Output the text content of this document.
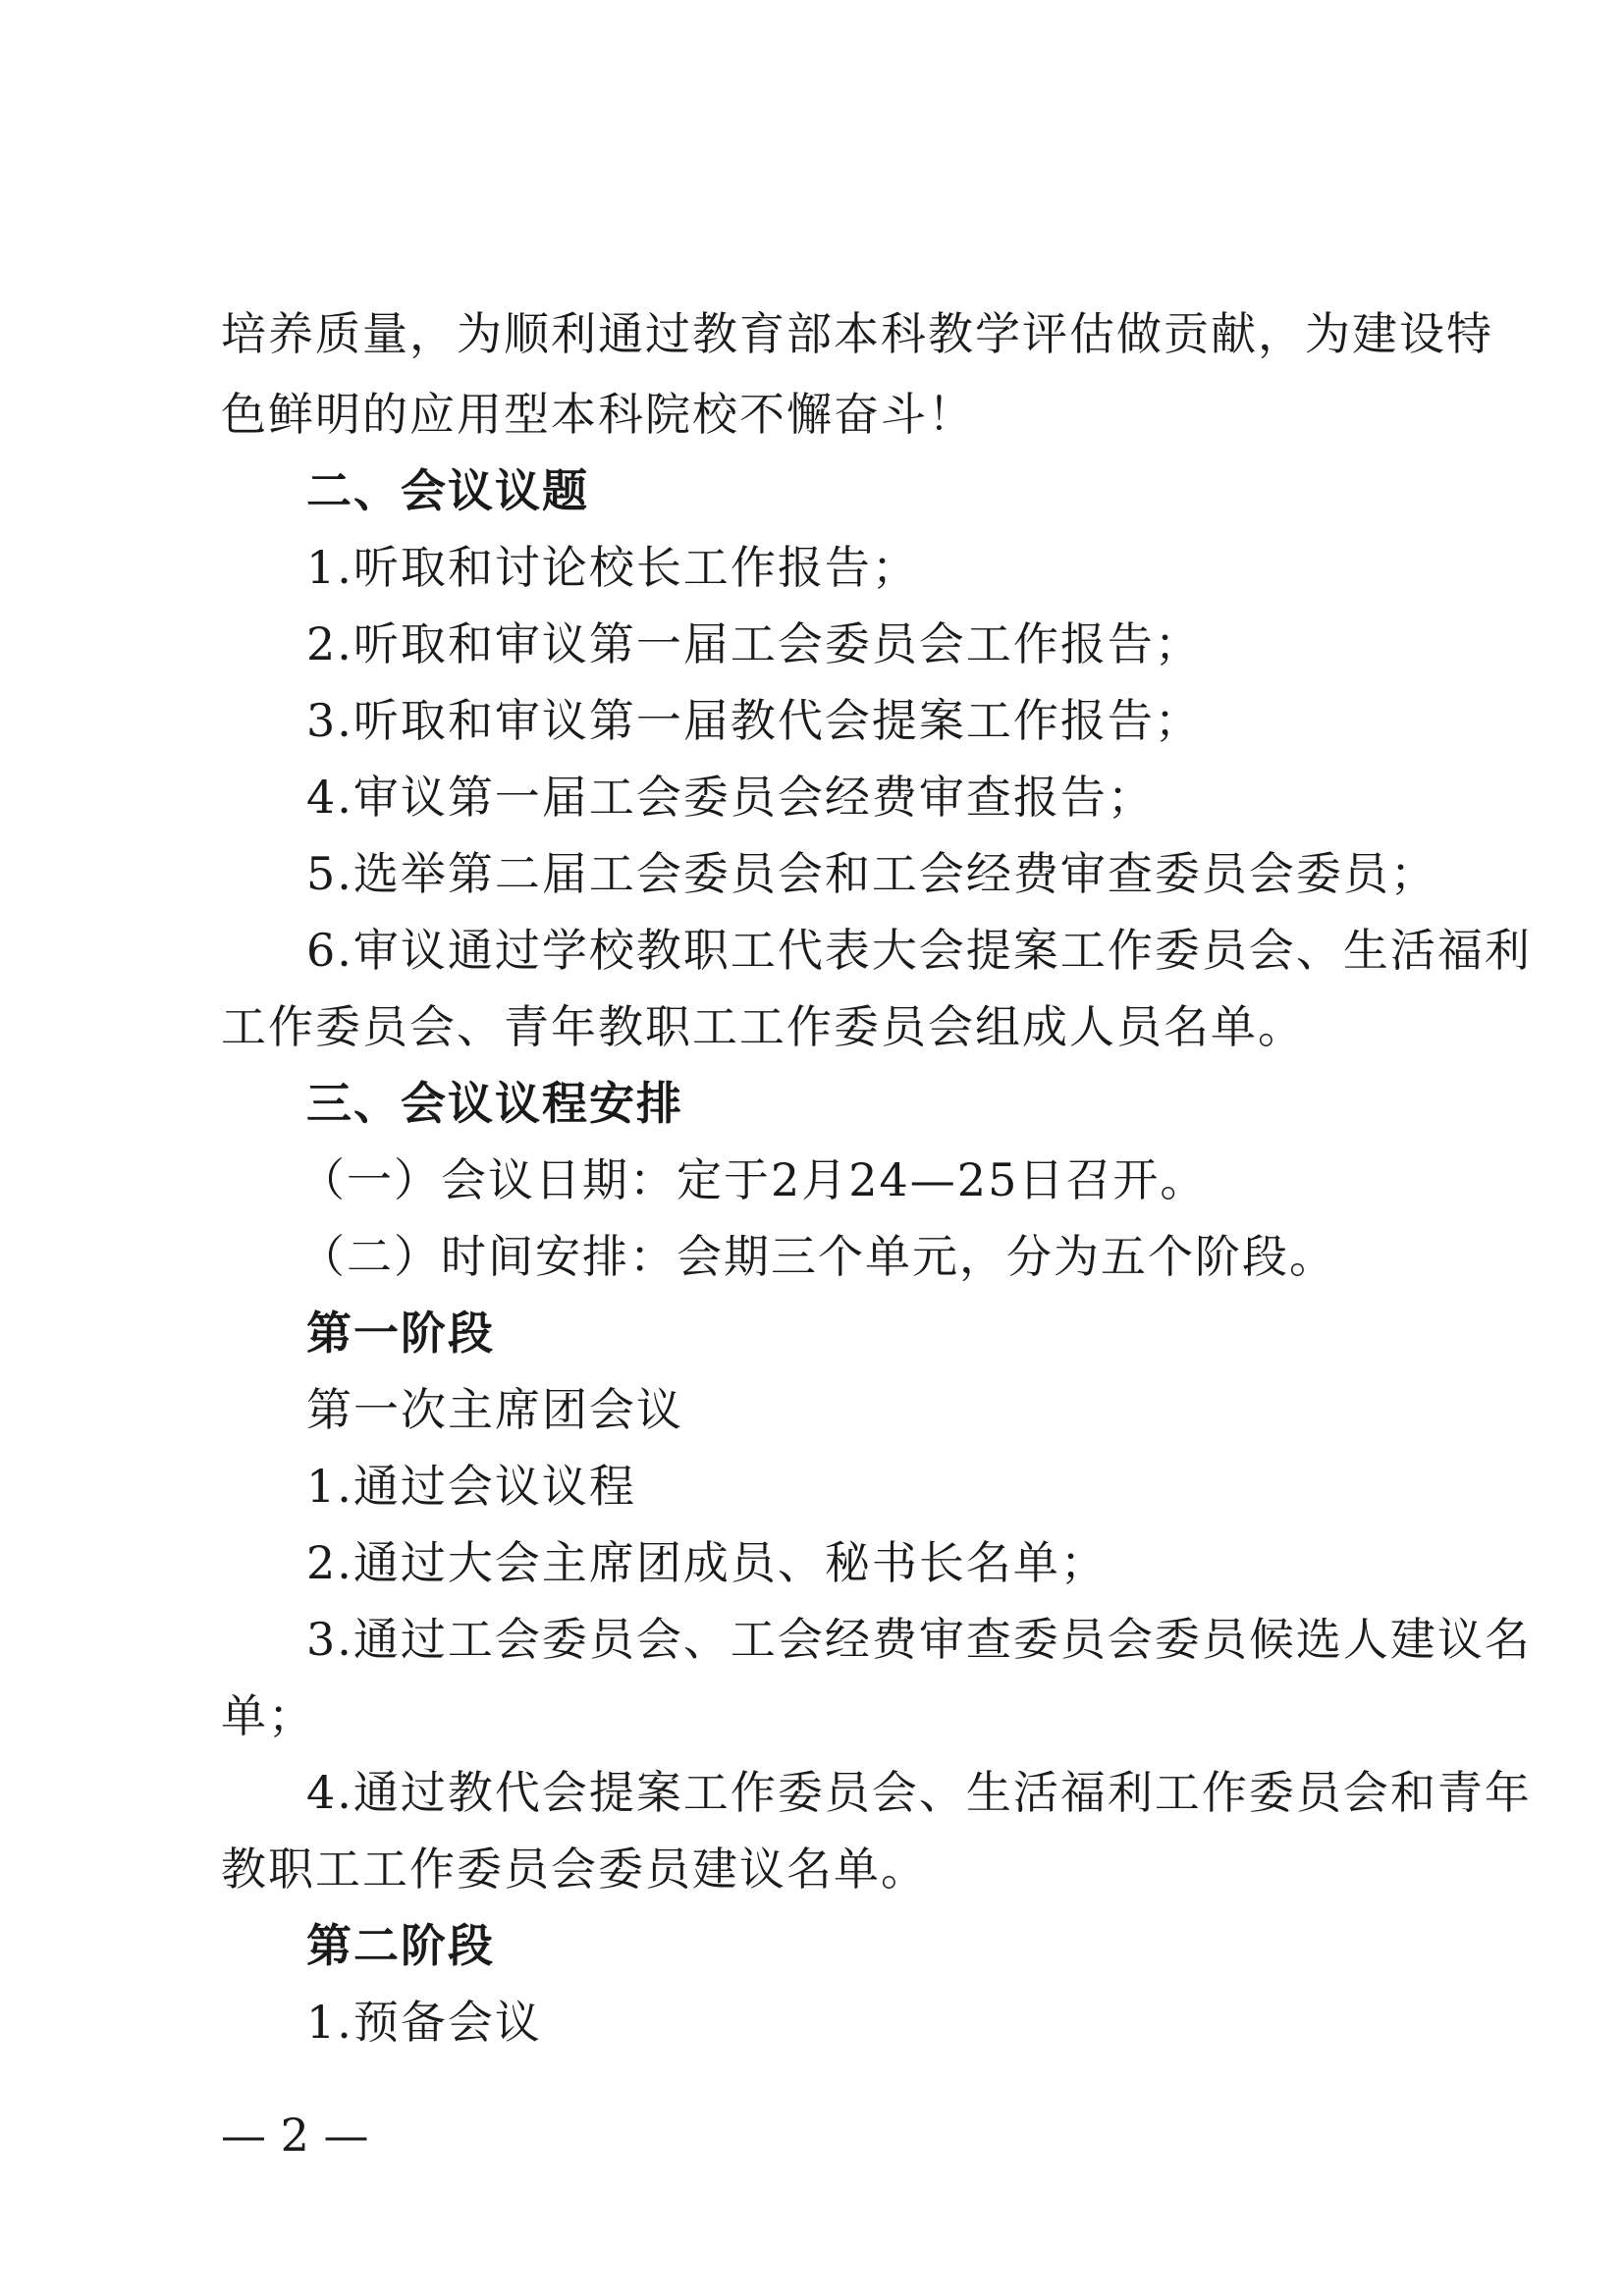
培养质量，为顺利通过教育部本科教学评估做贡献，为建设特
色鲜明的应用型本科院校不懈奋斗！
二、会议议题
1.听取和讨论校长工作报告；
2.听取和审议第一届工会委员会工作报告；
3.听取和审议第一届教代会提案工作报告；
4.审议第一届工会委员会经费审查报告；
5.选举第二届工会委员会和工会经费审查委员会委员；
6.审议通过学校教职工代表大会提案工作委员会、生活福利
工作委员会、青年教职工工作委员会组成人员名单。
三、会议议程安排
（一）会议日期：定于2月24—25日召开。
（二）时间安排：会期三个单元，分为五个阶段。
第一阶段
第一次主席团会议
1.通过会议议程
2.通过大会主席团成员、秘书长名单；
3.通过工会委员会、工会经费审查委员会委员候选人建议名
单；
4.通过教代会提案工作委员会、生活福利工作委员会和青年
教职工工作委员会委员建议名单。
第二阶段
1.预备会议
— 2 —
